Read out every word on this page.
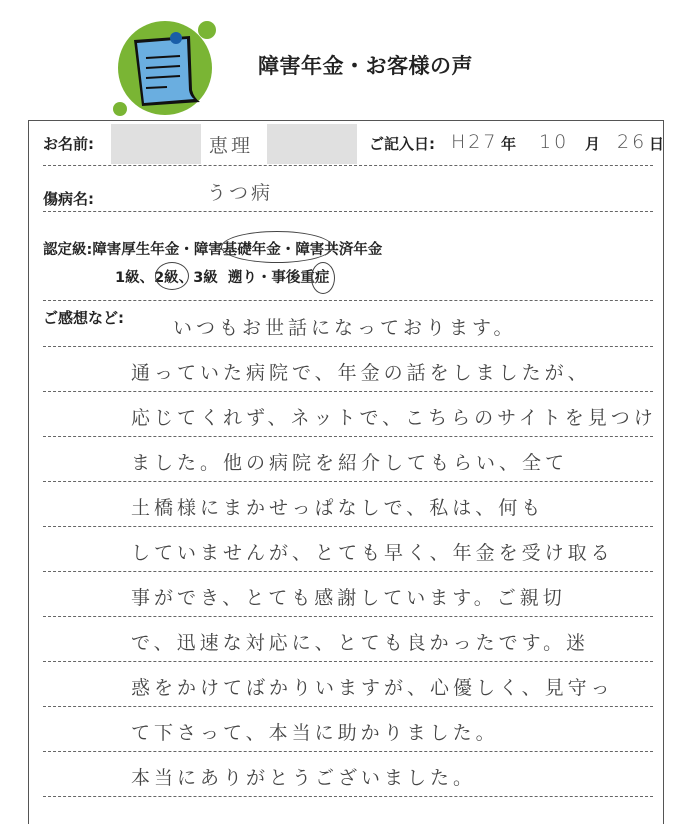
障害年金・お客様の声
お名前:	恵理	ご記入日: H27 年 10 月 26 日
傷病名:	うつ病
認定級:障害厚生年金・障害基礎年金・障害共済年金
1級、2級、3級 遡り・事後重症
ご感想など:	いつもお世話になっております。
通っていた病院で、年金の話をしましたが、
応じてくれず、ネットで、こちらのサイトを見つけ
ました。他の病院を紹介してもらい、全て
土橋様にまかせっぱなしで、私は、何も
していませんが、とても早く、年金を受け取る
事ができ、とても感謝しています。ご親切
で、迅速な対応に、とても良かったです。迷
惑をかけてばかりいますが、心優しく、見守っ
て下さって、本当に助かりました。
本当にありがとうございました。
